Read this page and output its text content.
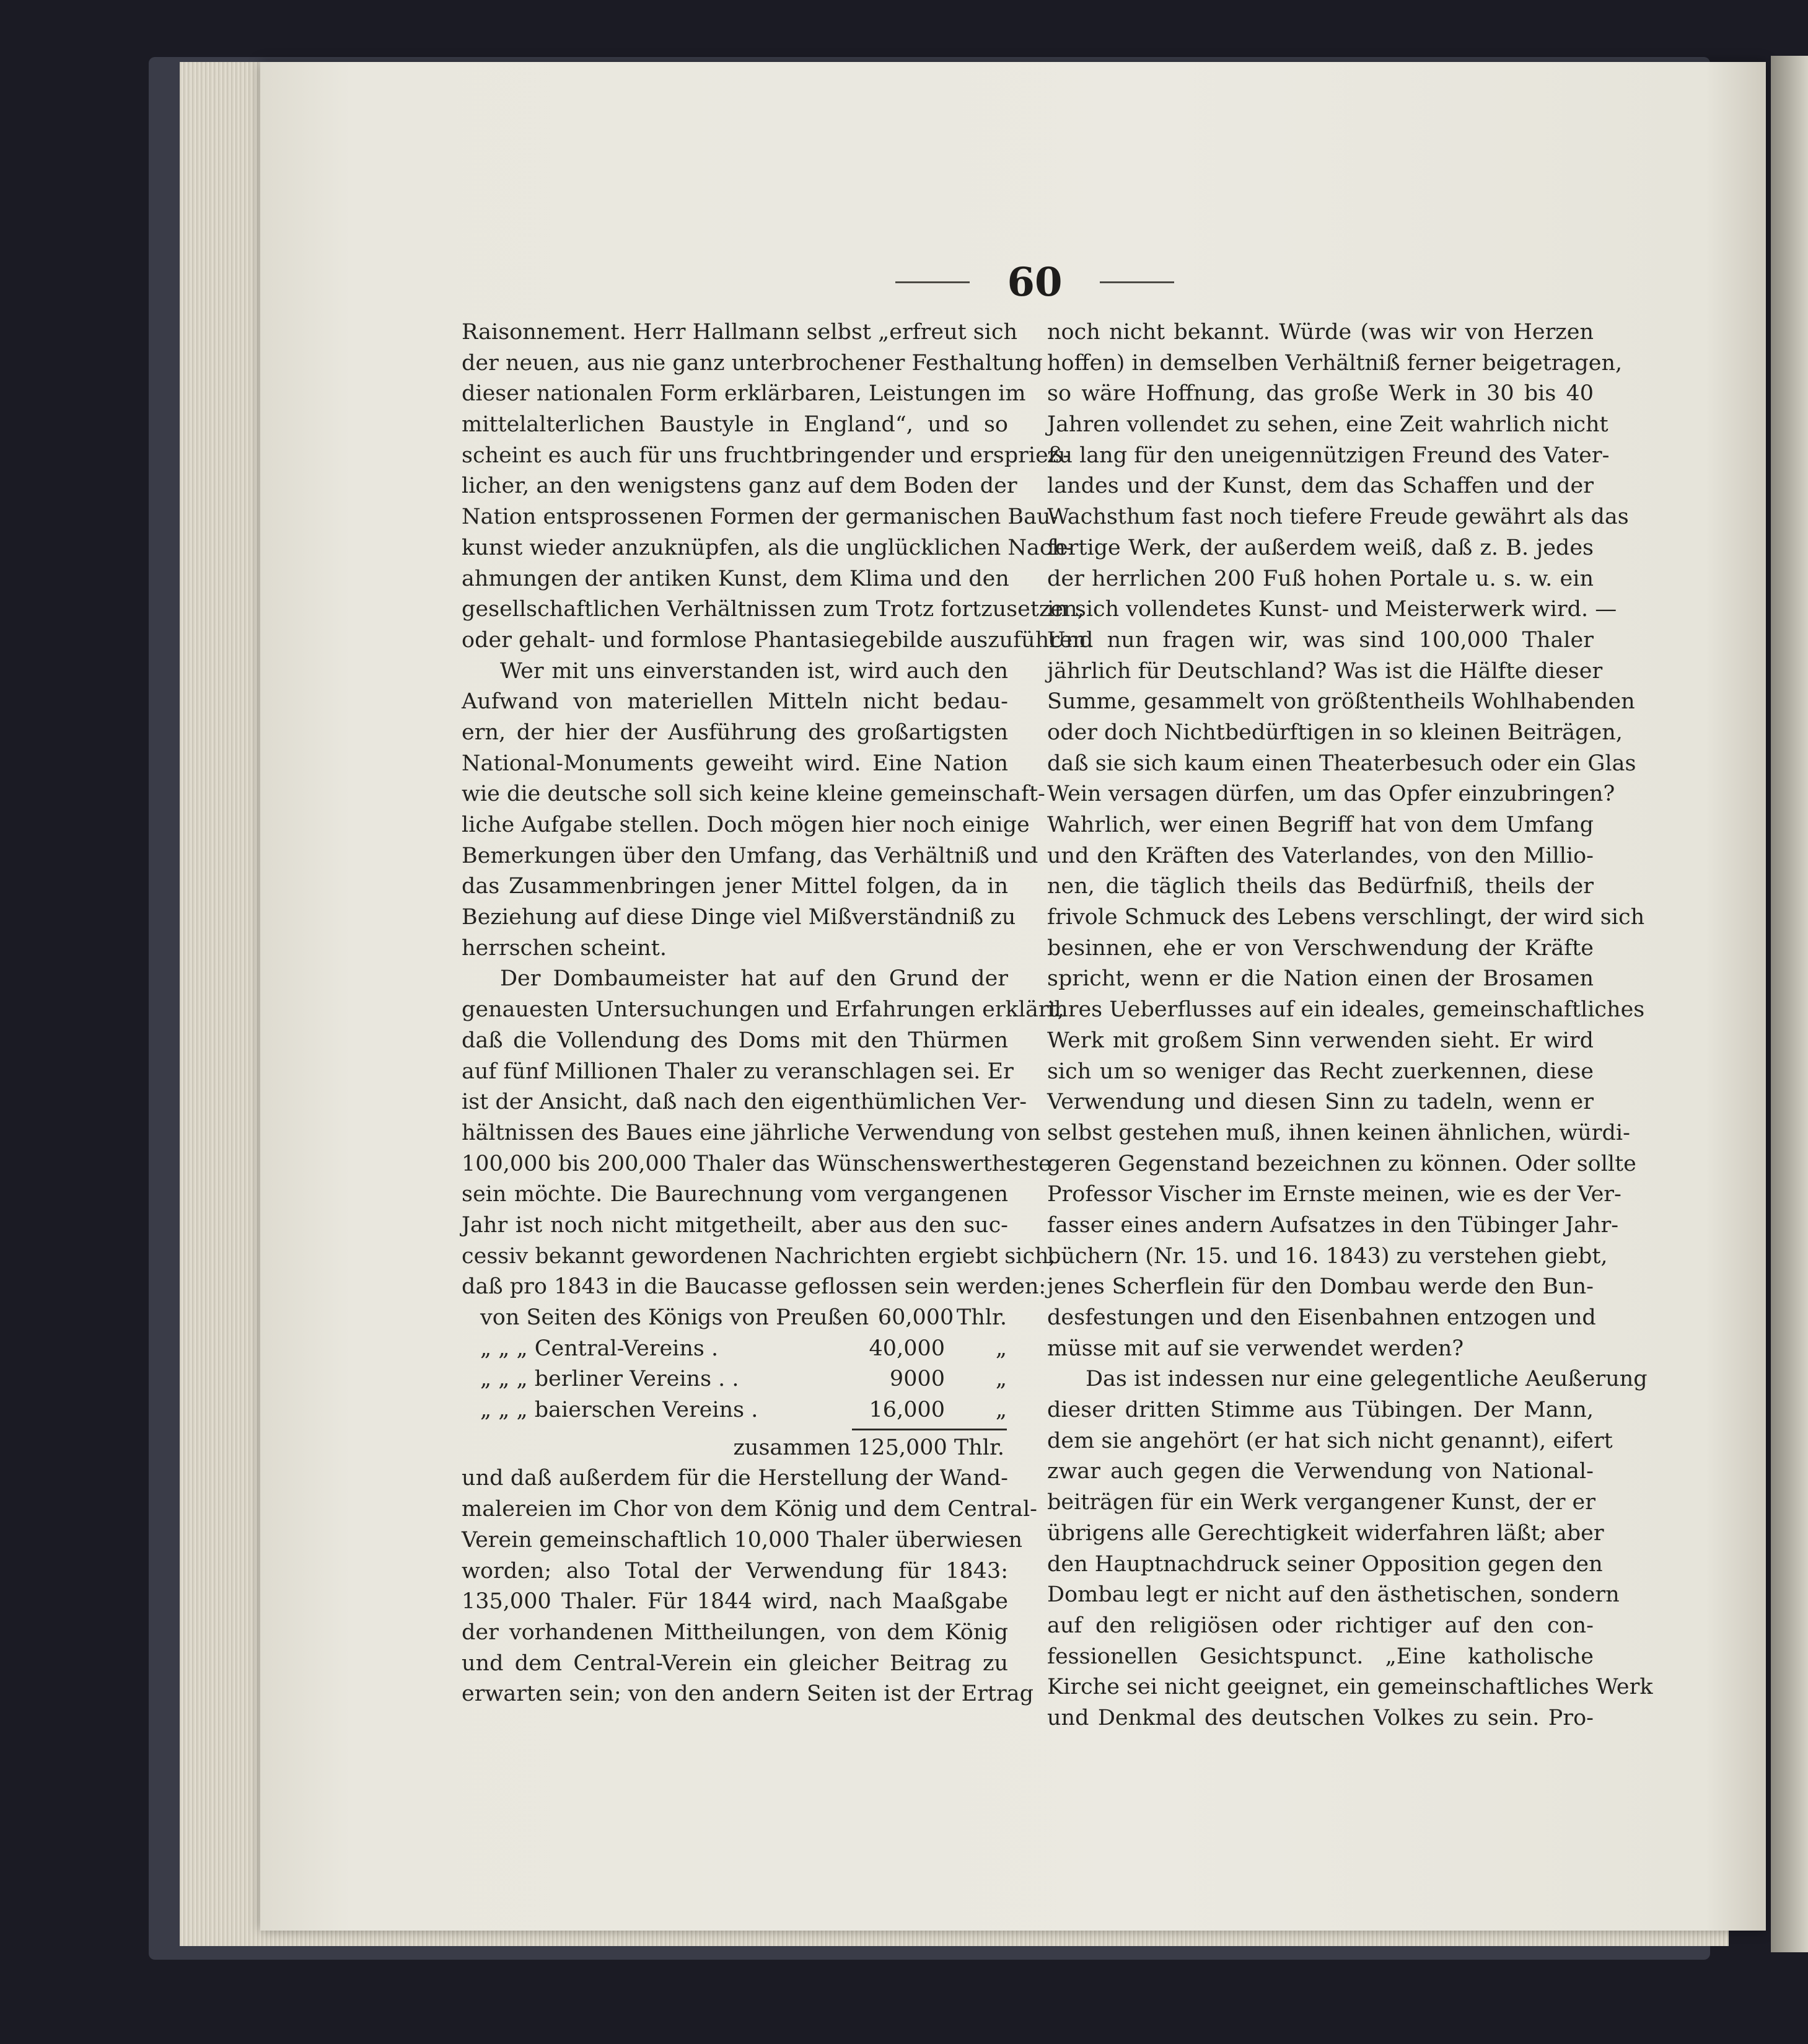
60
Raisonnement. Herr Hallmann selbst „erfreut sich
der neuen, aus nie ganz unterbrochener Festhaltung
dieser nationalen Form erklärbaren, Leistungen im
mittelalterlichen Baustyle in England“, und so
scheint es auch für uns fruchtbringender und ersprieß-
licher, an den wenigstens ganz auf dem Boden der
Nation entsprossenen Formen der germanischen Bau-
kunst wieder anzuknüpfen, als die unglücklichen Nach-
ahmungen der antiken Kunst, dem Klima und den
gesellschaftlichen Verhältnissen zum Trotz fortzusetzen,
oder gehalt- und formlose Phantasiegebilde auszuführen.
Wer mit uns einverstanden ist, wird auch den
Aufwand von materiellen Mitteln nicht bedau-
ern, der hier der Ausführung des großartigsten
National-Monuments geweiht wird. Eine Nation
wie die deutsche soll sich keine kleine gemeinschaft-
liche Aufgabe stellen. Doch mögen hier noch einige
Bemerkungen über den Umfang, das Verhältniß und
das Zusammenbringen jener Mittel folgen, da in
Beziehung auf diese Dinge viel Mißverständniß zu
herrschen scheint.
Der Dombaumeister hat auf den Grund der
genauesten Untersuchungen und Erfahrungen erklärt,
daß die Vollendung des Doms mit den Thürmen
auf fünf Millionen Thaler zu veranschlagen sei. Er
ist der Ansicht, daß nach den eigenthümlichen Ver-
hältnissen des Baues eine jährliche Verwendung von
100,000 bis 200,000 Thaler das Wünschenswertheste
sein möchte. Die Baurechnung vom vergangenen
Jahr ist noch nicht mitgetheilt, aber aus den suc-
cessiv bekannt gewordenen Nachrichten ergiebt sich,
daß pro 1843 in die Baucasse geflossen sein werden:
von Seiten des Königs von Preußen 60,000 Thlr.
„ „ „ Central-Vereins .	40,000	„
„ „ „ berliner Vereins . .	9000	„
„ „ „ baierschen Vereins .	16,000	„
zusammen 125,000 Thlr.
und daß außerdem für die Herstellung der Wand-
malereien im Chor von dem König und dem Central-
Verein gemeinschaftlich 10,000 Thaler überwiesen
worden; also Total der Verwendung für 1843:
135,000 Thaler. Für 1844 wird, nach Maaßgabe
der vorhandenen Mittheilungen, von dem König
und dem Central-Verein ein gleicher Beitrag zu
erwarten sein; von den andern Seiten ist der Ertrag
noch nicht bekannt. Würde (was wir von Herzen
hoffen) in demselben Verhältniß ferner beigetragen,
so wäre Hoffnung, das große Werk in 30 bis 40
Jahren vollendet zu sehen, eine Zeit wahrlich nicht
zu lang für den uneigennützigen Freund des Vater-
landes und der Kunst, dem das Schaffen und der
Wachsthum fast noch tiefere Freude gewährt als das
fertige Werk, der außerdem weiß, daß z. B. jedes
der herrlichen 200 Fuß hohen Portale u. s. w. ein
in sich vollendetes Kunst- und Meisterwerk wird. —
Und nun fragen wir, was sind 100,000 Thaler
jährlich für Deutschland? Was ist die Hälfte dieser
Summe, gesammelt von größtentheils Wohlhabenden
oder doch Nichtbedürftigen in so kleinen Beiträgen,
daß sie sich kaum einen Theaterbesuch oder ein Glas
Wein versagen dürfen, um das Opfer einzubringen?
Wahrlich, wer einen Begriff hat von dem Umfang
und den Kräften des Vaterlandes, von den Millio-
nen, die täglich theils das Bedürfniß, theils der
frivole Schmuck des Lebens verschlingt, der wird sich
besinnen, ehe er von Verschwendung der Kräfte
spricht, wenn er die Nation einen der Brosamen
ihres Ueberflusses auf ein ideales, gemeinschaftliches
Werk mit großem Sinn verwenden sieht. Er wird
sich um so weniger das Recht zuerkennen, diese
Verwendung und diesen Sinn zu tadeln, wenn er
selbst gestehen muß, ihnen keinen ähnlichen, würdi-
geren Gegenstand bezeichnen zu können. Oder sollte
Professor Vischer im Ernste meinen, wie es der Ver-
fasser eines andern Aufsatzes in den Tübinger Jahr-
büchern (Nr. 15. und 16. 1843) zu verstehen giebt,
jenes Scherflein für den Dombau werde den Bun-
desfestungen und den Eisenbahnen entzogen und
müsse mit auf sie verwendet werden?
Das ist indessen nur eine gelegentliche Aeußerung
dieser dritten Stimme aus Tübingen. Der Mann,
dem sie angehört (er hat sich nicht genannt), eifert
zwar auch gegen die Verwendung von National-
beiträgen für ein Werk vergangener Kunst, der er
übrigens alle Gerechtigkeit widerfahren läßt; aber
den Hauptnachdruck seiner Opposition gegen den
Dombau legt er nicht auf den ästhetischen, sondern
auf den religiösen oder richtiger auf den con-
fessionellen Gesichtspunct. „Eine katholische
Kirche sei nicht geeignet, ein gemeinschaftliches Werk
und Denkmal des deutschen Volkes zu sein. Pro-
